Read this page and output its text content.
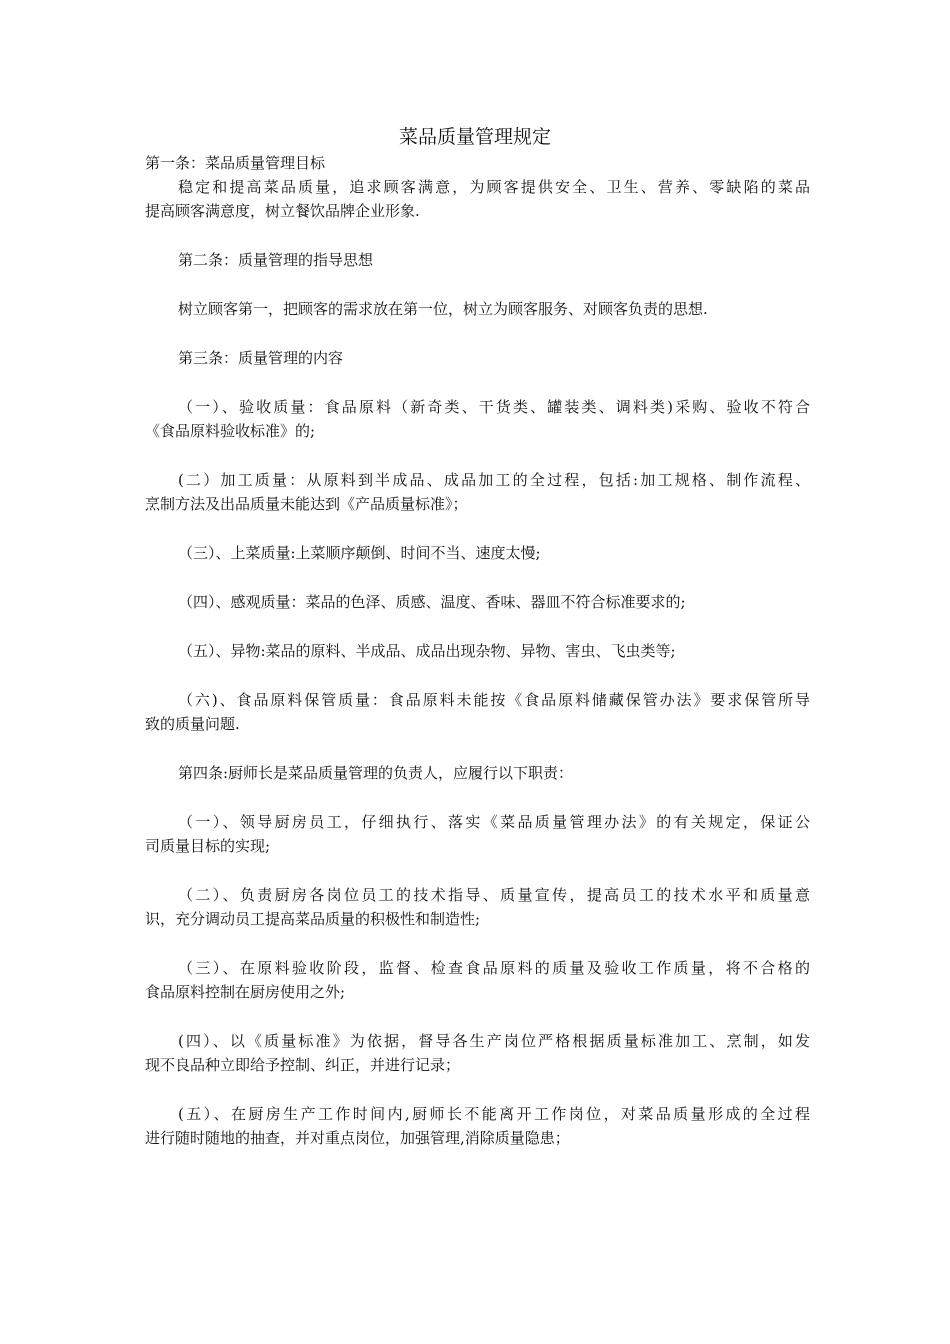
菜品质量管理规定
第一条：菜品质量管理目标
稳定和提高菜品质量，追求顾客满意，为顾客提供安全、卫生、营养、零缺陷的菜品
提高顾客满意度，树立餐饮品牌企业形象.
第二条：质量管理的指导思想
树立顾客第一，把顾客的需求放在第一位，树立为顾客服务、对顾客负责的思想.
第三条：质量管理的内容
（一）、验收质量：食品原料（新奇类、干货类、罐装类、调料类)采购、验收不符合
《食品原料验收标准》的;
(二）加工质量：从原料到半成品、成品加工的全过程，包括:加工规格、制作流程、
烹制方法及出品质量未能达到《产品质量标准》；
（三）、上菜质量:上菜顺序颠倒、时间不当、速度太慢;
（四）、感观质量：菜品的色泽、质感、温度、香味、器皿不符合标准要求的;
（五）、异物:菜品的原料、半成品、成品出现杂物、异物、害虫、飞虫类等;
（六)、食品原料保管质量：食品原料未能按《食品原料储藏保管办法》要求保管所导
致的质量问题.
第四条:厨师长是菜品质量管理的负责人，应履行以下职责：
（一）、领导厨房员工，仔细执行、落实《菜品质量管理办法》的有关规定，保证公
司质量目标的实现;
（二）、负责厨房各岗位员工的技术指导、质量宣传，提高员工的技术水平和质量意
识，充分调动员工提高菜品质量的积极性和制造性;
（三）、在原料验收阶段，监督、检查食品原料的质量及验收工作质量，将不合格的
食品原料控制在厨房使用之外;
(四）、以《质量标准》为依据，督导各生产岗位严格根据质量标准加工、烹制，如发
现不良品种立即给予控制、纠正，并进行记录；
(五）、在厨房生产工作时间内,厨师长不能离开工作岗位，对菜品质量形成的全过程
进行随时随地的抽查，并对重点岗位，加强管理,消除质量隐患；
